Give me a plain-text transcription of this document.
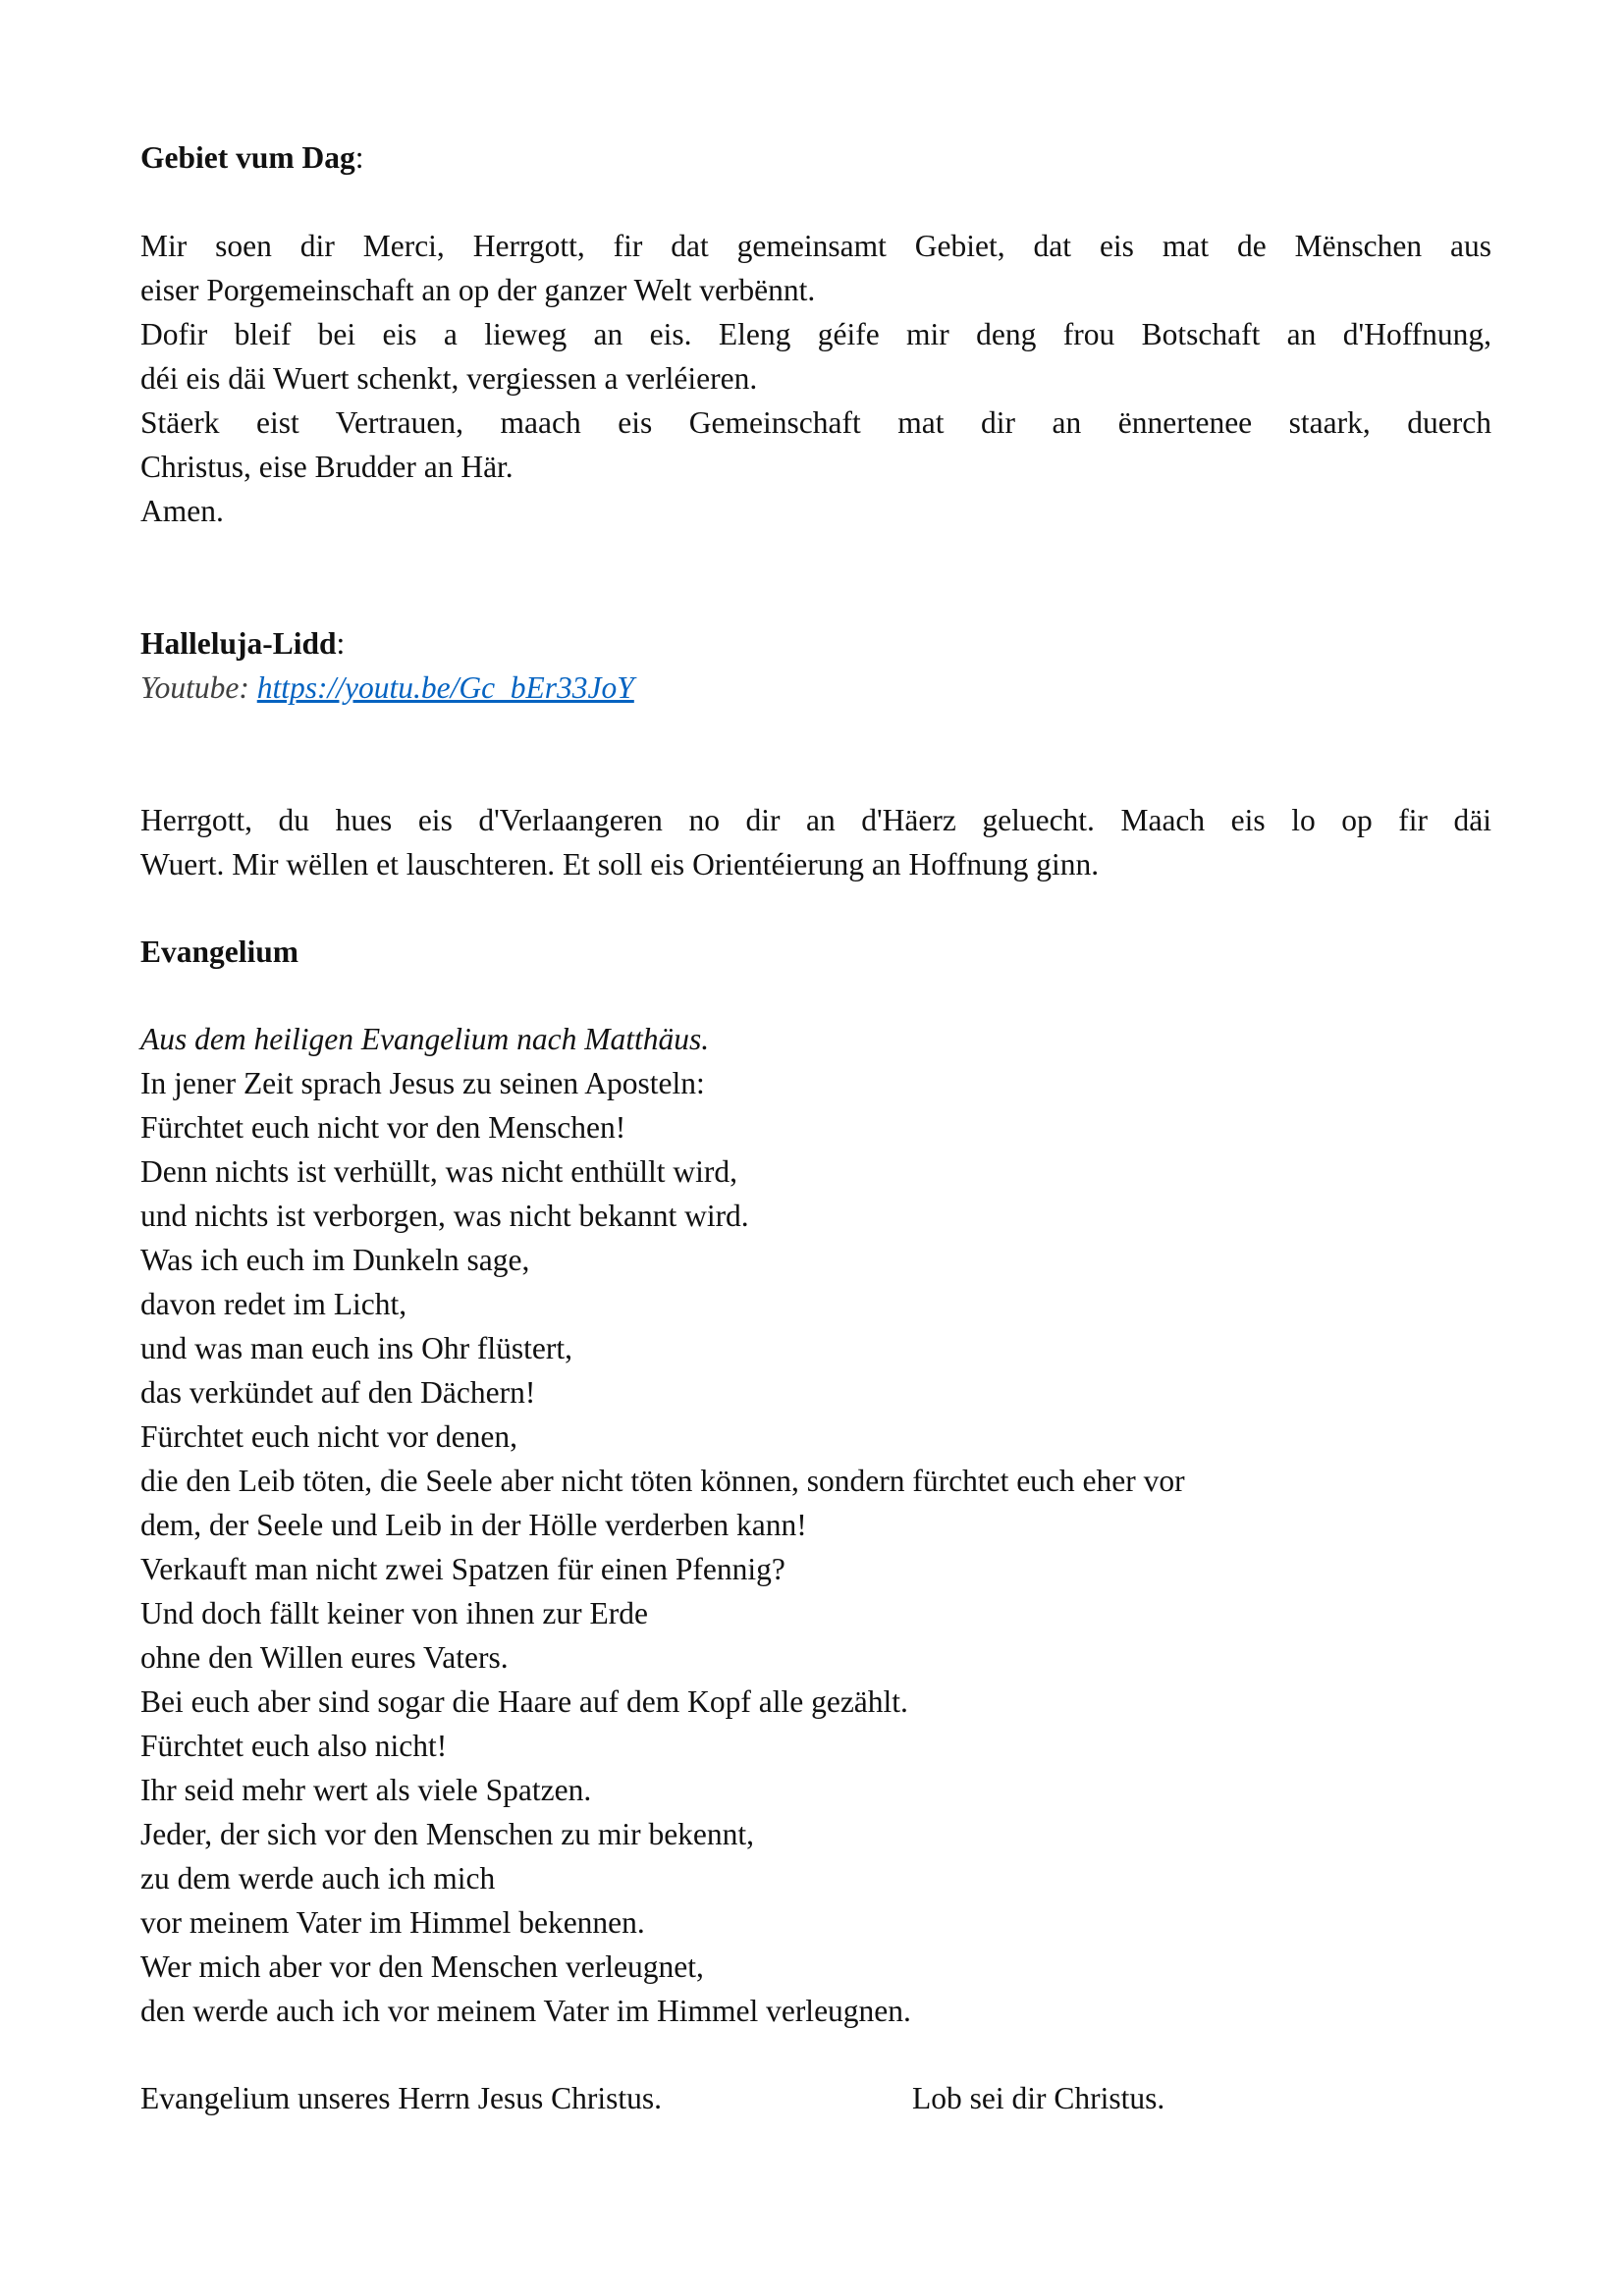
Gebiet vum Dag:

Mir soen dir Merci, Herrgott, fir dat gemeinsamt Gebiet, dat eis mat de Mënschen aus
eiser Porgemeinschaft an op der ganzer Welt verbënnt.
Dofir bleif bei eis a lieweg an eis. Eleng géife mir deng frou Botschaft an d'Hoffnung,
déi eis däi Wuert schenkt, vergiessen a verléieren.
Stäerk eist Vertrauen, maach eis Gemeinschaft mat dir an ënnertenee staark, duerch
Christus, eise Brudder an Här.
Amen.

Halleluja-Lidd:

Youtube: https://youtu.be/Gc_bEr33JoY

Herrgott, du hues eis d'Verlaangeren no dir an d'Häerz geluecht. Maach eis lo op fir däi
Wuert. Mir wëllen et lauschteren. Et soll eis Orientéierung an Hoffnung ginn.

Evangelium

Aus dem heiligen Evangelium nach Matthäus.

In jener Zeit sprach Jesus zu seinen Aposteln:
Fürchtet euch nicht vor den Menschen!
Denn nichts ist verhüllt, was nicht enthüllt wird,
und nichts ist verborgen, was nicht bekannt wird.
Was ich euch im Dunkeln sage,
davon redet im Licht,
und was man euch ins Ohr flüstert,
das verkündet auf den Dächern!
Fürchtet euch nicht vor denen,
die den Leib töten, die Seele aber nicht töten können, sondern fürchtet euch eher vor
dem, der Seele und Leib in der Hölle verderben kann!
Verkauft man nicht zwei Spatzen für einen Pfennig?
Und doch fällt keiner von ihnen zur Erde
ohne den Willen eures Vaters.
Bei euch aber sind sogar die Haare auf dem Kopf alle gezählt.
Fürchtet euch also nicht!
Ihr seid mehr wert als viele Spatzen.
Jeder, der sich vor den Menschen zu mir bekennt,
zu dem werde auch ich mich
vor meinem Vater im Himmel bekennen.
Wer mich aber vor den Menschen verleugnet,
den werde auch ich vor meinem Vater im Himmel verleugnen.
Evangelium unseres Herrn Jesus Christus.	Lob sei dir Christus.
